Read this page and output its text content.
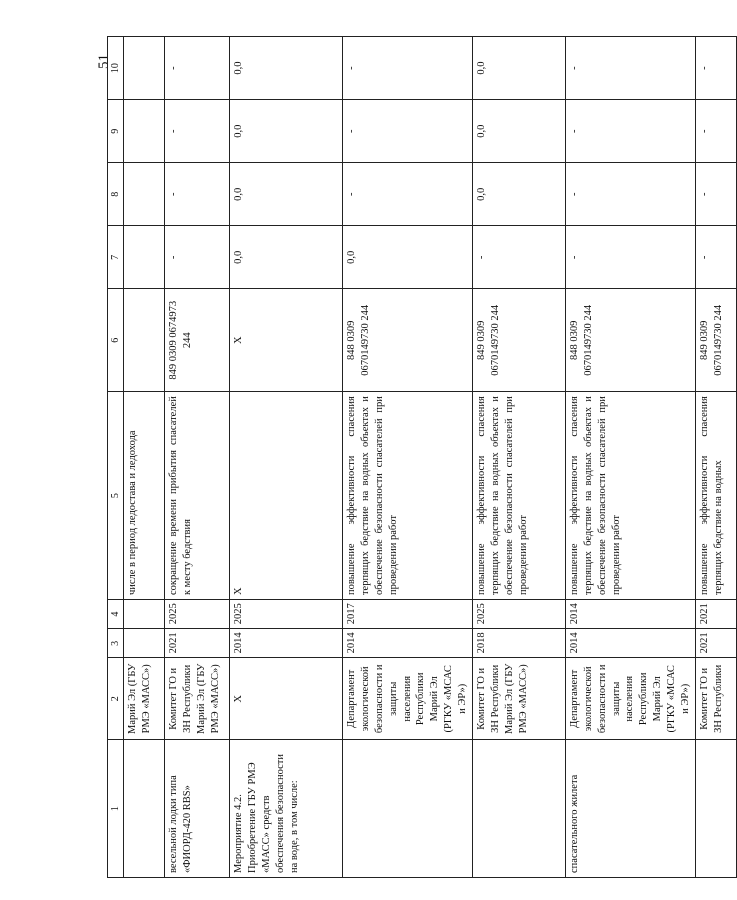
51
1	2	3	4	5	6	7	8	9	10
	Марий Эл (ГБУ РМЭ «МАСС»)			числе в период ледостава и ледохода					
весельной лодки типа «ФИОРД-420 RBS»	Комитет ГО и ЗН Республики Марий Эл (ГБУ РМЭ «МАСС»)	2021	2025	сокращение времени прибытия спасателей к месту бедствия	849 0309 0674973 244	-	-	-	-
Мероприятие 4.2. Приобретение ГБУ РМЭ «МАСС» средств обеспечения безопасности на воде, в том числе:	X	2014	2025	X	X	0,0	0,0	0,0	0,0
	Департамент экологической безопасности и защиты населения Республики Марий Эл (РГКУ «МСАС и ЭР»)	2014	2017	повышение эффективности спасения терпящих бедствие на водных объектах и обеспечение безопасности спасателей при проведении работ	848 0309 0670149730 244	0,0	-	-	-
	Комитет ГО и ЗН Республики Марий Эл (ГБУ РМЭ «МАСС»)	2018	2025	повышение эффективности спасения терпящих бедствие на водных объектах и обеспечение безопасности спасателей при проведении работ	849 0309 0670149730 244	-	0,0	0,0	0,0
спасательного жилета	Департамент экологической безопасности и защиты населения Республики Марий Эл (РГКУ «МСАС и ЭР»)	2014	2014	повышение эффективности спасения терпящих бедствие на водных объектах и обеспечение безопасности спасателей при проведении работ	848 0309 0670149730 244	-	-	-	-
	Комитет ГО и ЗН Республики	2021	2021	повышение эффективности спасения терпящих бедствие на водных	849 0309 0670149730 244	-	-	-	-
